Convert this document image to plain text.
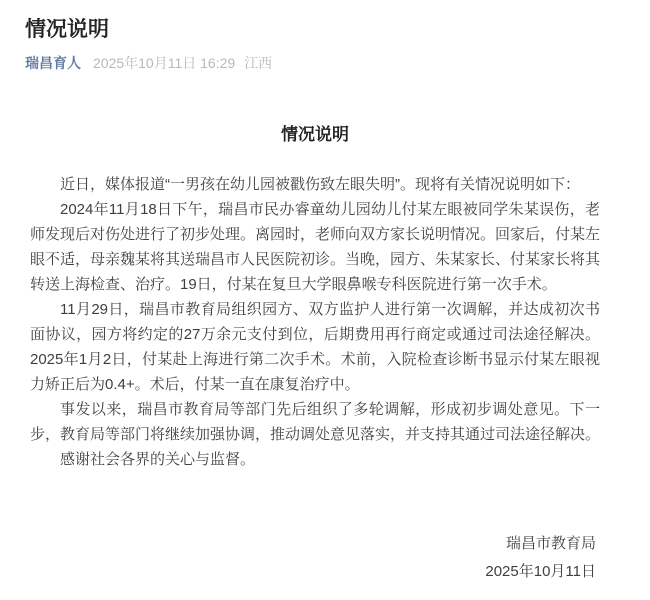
情况说明
瑞昌育人 2025年10月11日 16:29 江西
情况说明

近日，媒体报道“一男孩在幼儿园被戳伤致左眼失明”。现将有关情况说明如下：

2024年11月18日下午，瑞昌市民办睿童幼儿园幼儿付某左眼被同学朱某误伤，老师发现后对伤处进行了初步处理。离园时，老师向双方家长说明情况。回家后，付某左眼不适，母亲魏某将其送瑞昌市人民医院初诊。当晚，园方、朱某家长、付某家长将其转送上海检查、治疗。19日，付某在复旦大学眼鼻喉专科医院进行第一次手术。

11月29日，瑞昌市教育局组织园方、双方监护人进行第一次调解，并达成初次书面协议，园方将约定的27万余元支付到位，后期费用再行商定或通过司法途径解决。2025年1月2日，付某赴上海进行第二次手术。术前，入院检查诊断书显示付某左眼视力矫正后为0.4+。术后，付某一直在康复治疗中。

事发以来，瑞昌市教育局等部门先后组织了多轮调解，形成初步调处意见。下一步，教育局等部门将继续加强协调，推动调处意见落实，并支持其通过司法途径解决。

感谢社会各界的关心与监督。

瑞昌市教育局
2025年10月11日
